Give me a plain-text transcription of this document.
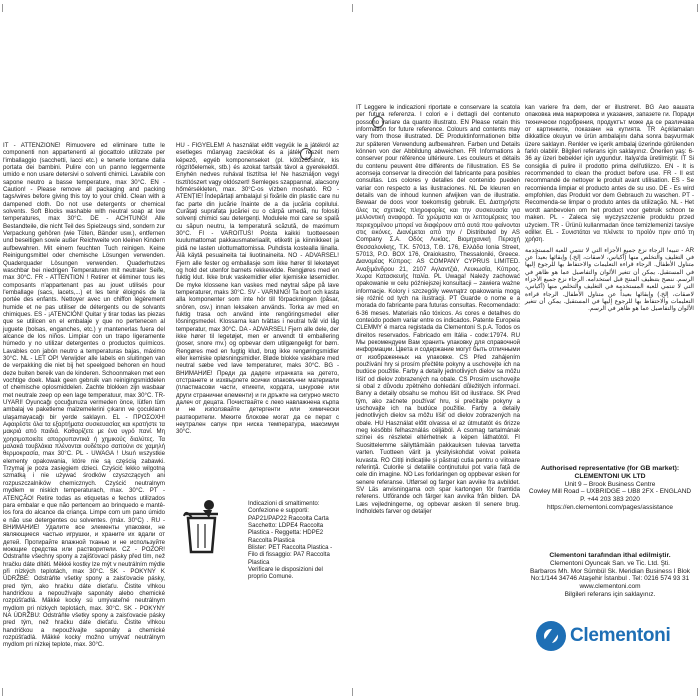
IT - ATTENZIONE! Rimuovere ed eliminare tutte le componenti non appartenenti al giocattolo utilizzate per l'imballaggio (sacchetti, lacci etc.) e tenerle lontane dalla portata dei bambini. Pulire con un panno leggermente umido e non usare detersivi o solventi chimici. Lavabile con sapone neutro a basse temperature, max 30°C. EN - Caution! - Please remove all packaging and packing tags/wires before giving this toy to your child. Clean with a dampened cloth. Do not use detergents or chemical solvents. Soft Blocks washable with neutral soap at low temperatures, max 30°C. DE - ACHTUNG! Alle Bestandteile, die nicht Teil des Spielzeugs sind, sondern zur Verpackung gehören (wie Tüten, Bänder usw.), entfernen und beseitigen sowie außer Reichweite von kleinen Kindern aufbewahren. Mit einem feuchten Tuch reinigen. Keine Reinigungsmittel oder chemische Lösungen verwenden. Quaderquader Lösungen verwenden. Quaderhutzes waschbar bei niedrigen Temperaturen mit neutraler Seife, max 30°C. FR - ATTENTION ! Retirer et éliminer tous les composants n'appartenant pas au jouet utilisés pour l'emballage (sacs, lacets,...) et les tenir éloignés de la portée des enfants. Nettoyer avec un chiffon légèrement humide et ne pas utiliser de détergents ou de solvants chimiques. ES - ¡ATENCIÓN! Quitar y tirar todas las piezas que se utilicen en el embalaje y que no pertenecen al juguete (bolsas, enganches, etc.) y mantenerlas fuera del alcance de los niños. Limpiar con un trapo ligeramente húmedo y no utilizar detergentes o productos químicos. Lavables con jabón neutro a temperaturas bajas, máximo 30°C. NL - LET OP! Verwijder alle labels en sluitingen van de verpakking die niet bij het speelgoed behoren en houd deze buiten bereik van de kinderen. Schoonmaken met een vochtige doek. Maak geen gebruik van reinigingsmiddelen of chemische oplosmiddelen. Zachte blokken zijn wasbaar met neutrale zeep op een lage temperatuur, max 30°C. TR-UYARI! Oyuncağı çocuğunuza vermeden önce, lütfen tüm ambalaj ve paketleme malzemelerini çıkarın ve çocukların ulaşamayacağı bir yerde saklayın. EL - ΠΡΟΣΟΧΗ! Αφαιρέστε όλα τα εξαρτήματα συσκευασίας και κρατήστε τα μακριά από παιδιά. Καθαρίζετε με ένα υγρό πανί. Μη χρησιμοποιείτε απορρυπαντικά ή χημικούς διαλύτες. Τα μαλακά τουβλάκια πλένονται ουδέτερο σαπούνι σε χαμηλή θερμοκρασία, max 30°C. PL - UWAGA ! Usuń wszystkie elementy opakowania, które nie są częścią zabawki. Trzymaj je poza zasięgiem dzieci. Czyścić lekko wilgotną szmatką i nie używać środków czyszczących ani rozpuszczalników chemicznych. Czyścić neutralnym mydłem w niskich temperaturach, max. 30°C. PT - ATENÇÃO! Retire todas as etiquetas e fechos utilizados para embalar e que não pertencem ao brinquedo e mantê-los fora do alcance da criança. Limpe com um pano úmido e não use detergentes ou solventes. (máx. 30°C) . RU - ВНИМАНИЕ! Удалите все элементы упаковки, не являющиеся частью игрушки, и храните их вдали от детей. Протирайте влажной тканью и не используйте моющие средства или растворители. CZ - POZOR! Odstraňte všechny spony a zajišťovací pásky před tím, než hračku dáte dítěti. Měkké kostky lze mýt v neutrálním mýdle při nízkých teplotách, max 30°C. SK - POKYNY K ÚDRŽBE: Odstráňte všetky spony a zaisťovacie pásky, pred tým, ako hračku dáte dieťaťu. Čistite vlhkou handričkou a nepoužívajte saponáty alebo chemické rozpúšťadlá. Mäkké kocky sú umývateľné neutrálnym mydlom pri nízkych teplotách, max. 30°C. SK - POKYNY NA ÚDRŽBU: Odstráňte všetky spony a zaisťovacie pásky pred tým, než hračku dáte dieťaťu. Čistite vlhkou handričkou a nepoužívajte saponáty a chemické rozpúšťadlá. Mäkké kocky možno umývať neutrálnym mydlom pri nízkej teplote, max. 30°C.
HU - FIGYELEM! A használat előtt vegyük le a játékról az esetleges műanyag zacskókat és a játék részét nem képező, egyéb komponenseket (pl. kötözőzsinór, kis rögzítőelemek, stb.) és azokat tartsák távol a gyerekektől. Enyhén nedves ruhával tisztítsa le! Ne használjon vegyi tisztítószert vagy oldószert! Semleges szappannal, alacsony hőmérsékleten, max. 30°C-os vízben mosható. RO - ATENȚIE! Îndepărtați ambalajul și fixările din plastic care nu fac parte din jucărie înainte de a da jucăria copilului. Curățați suprafața jucăriei cu o cârpă umedă, nu folosiți solvenți chimici sau detergenți. Modulele moi care se spală cu săpun neutru, la temperatură scăzută, de maximum 30°C. FI - VAROITUS! Poista kaikki tuotteeseen kuulumattomat pakkausmateriaalit, etiketit ja kiinnikkeet ja pidä ne lasten ulottumattomissa. Puhdista kostealla liinalla. Älä käytä pesuaineita tai liuotinaineita. NO - ADVARSEL! Fjern alle fester og emballasje som ikke hører til leketøyet og hold det utenfor barnets rekkevidde. Rengjøres med en fuktig klut. Ikke bruk vaskemidler eller kjemiske løsemidler. De myke klossene kan vaskes med nøytral såpe på lave temperaturer, maks 30°C. SV - VARNING! Ta bort och kasta alla komponenter som inte hör till förpackningen (påsar, snören, osv.) innan leksaken används. Torka av med en fuktig trasa och använd inte rengöringsmedel eller lösningsmedel. Klossarna kan tvättas i neutral tvål vid låg temperatur, max 30°C. DA - ADVARSEL! Fjern alle dele, der ikke hører til legetøjet, men er anvendt til emballering (poser, snore mv.) og opbevar dem utilgængeligt for børn. Rengøres med en fugtig klud, brug ikke rengøringsmidler eller kemiske opløsningsmidler. Bløde blokke vaskbare med neutral sæbe ved lave temperaturer, maks 30°C. BG - ВНИМАНИЕ! Преди да дадете играчката на детето, отстранете и изхвърлете всички опаковъчни материали (пластмасови части, етикети, кордата, шнурове или други странични елементи) и ги дръжте на сигурно място далеч от децата. Почиствайте с леко навлажнена кърпа и не използвайте детергенти или химически разтворители. Меките блокове могат да се перат с неутрален сапун при ниска температура, максимум 30°C.
Indicazioni di smaltimento:
Confezione e supporti: PAP21/PAP22 Raccolta Carta
Sacchetto: LDPE4 Raccolta Plastica - Reggetta: HDPE2 Raccolta Plastica
Blister: PET Raccolta Plastica - Filo di fissaggio: PA7 Raccolta Plastica
Verificare le disposizioni del proprio Comune.
IT Leggere le indicazioni riportate e conservare la scatola per futura referenza. I colori e i dettagli del contenuto possono variare da quanto illustrato. EN Please retain this information for future reference. Colours and contents may vary from those illustrated. DE Produktinformationen bitte zur späteren Verwendung aufbewahren. Farben und Details können von der Abbildung abweichen. FR Informations à conserver pour référence ultérieure. Les couleurs et détails du contenu peuvent être différents de l'illustration. ES Se aconseja conservar la dirección del fabricante para posibles consultas. Los colores y detalles del contenido pueden variar con respecto a las ilustraciones. NL De kleuren en details van de inhoud kunnen afwijken van de illustratie. Bewaar de doos voor toekomstig gebruik. EL Διατηρήστε όλες τις σχετικές πληροφορίες και την συσκευασία για μελλοντική αναφορά. Τα χρώματα και οι λεπτομέρειες του περιεχομένου μπορεί να διαφέρουν από αυτά που φαίνονται στις εικόνες. Διανέμεται από την / Distributed by AS Company Σ.Α. Οδός Λυκίας, Βιομηχανική Περιοχή Θεσσαλονίκης, T.K. 57013, T.Θ. 176, Ελλάδα Ionia Street, 57013, P.O. BOX 176, Oraiokastro, Thessaloniki, Greece. Διανομέας Κύπρος: AS COMPANY CYPRUS LIMITED. Αναξιμάνδρου 21, 2107 Αγλαντζιά, Λευκωσία, Κύπρος. Χωρα Κατασκευής Ιταλία. PL Uwaga! Należy zachować opakowanie w celu późniejszej konsultacji – zawiera ważne informacje. Kolory i szczegóły wewnątrz opakowania mogą się różnić od tych na ilustracji. PT Guarde o nome e a morada do fabricante para futuras consultas. Recomendado: 6-36 meses. Materiais não tóxicos. As cores e detalhes do conteúdo podem variar entre os indicados. Patente Europeia CLEMMY é marca registada da Clementoni S.p.A. Todos os direitos reservados. Fabricado em Itália - code:17974. RU Мы рекомендуем Вам хранить упаковку для справочной информации. Цвета и содержание могут быть отличными от изображенных на упаковке. CS Před zahájením používání hry si prosím přečtěte pokyny a uschovejte ich na budúce použitie. Farby a detaily jednotlivých dielov sa môžu líšiť od dielov zobrazených na obale. CS Prosím uschovejte si obal z důvodu zpětného dohledání důležitých informací. Barvy a detaily obsahu se mohou lišit od ilustrace. SK Pred tým, ako začnete používať hru, si prečítajte pokyny a uschovajte ich na budúce použitie. Farby a detaily jednotlivých dielov sa môžu líšiť od dielov zobrazených na obale. HU Használat előtt olvassa el az útmutatót és őrizze meg későbbi felhasználás céljából. A csomag tartalmának színei és részletei eltérhetnek a képen láthatótól. FI Suosittelemme säilyttämään pakkauksen tulevaa tarvetta varten. Tuotteen värit ja yksityiskohdat voivat poiketa kuvasta. RO Citiți indicațiile și păstrați cutia pentru o viitoare referință. Culorile și detaliile conținutului pot varia față de cele din imagine. NO Les forklaringen og oppbevar esken for senere referanse. Utførsel og farger kan avvike fra avbildet. SV Läs anvisningarna och spar kartongen för framtida referens. Utförande och färger kan avvika från bilden. DA Læs vejledningerne, og opbevar æsken til senere brug. Indholdets farver og detaljer
kan variere fra dem, der er illustreret. BG Ако вашата опаковка има маркировка и указания, запазете ги. Поради технически подобрения, продуктът може да се различава от картинките, показани на кутията. TR Açıklamaları dikkatlice okuyun ve ürün ambalajını daha sonra başvurmak üzere saklayın. Renkler ve içerik ambalaj üzerinde görülenden farklı olabilir. Bilgileri referans için saklayınız. Önerilen yaş: 6-36 ay üzeri bebekler için uygundur. Italya'da üretilmiştir. IT Si consiglia di pulire il prodotto prima dell'utilizzo. EN - It is recommended to clean the product before use. FR - Il est recommandé de nettoyer le produit avant utilisation. ES - Se recomienda limpiar el producto antes de su uso. DE - Es wird empfohlen, das Produkt vor dem Gebrauch zu waschen. PT - Recomenda-se limpar o produto antes da utilização. NL - Het wordt aanbevolen om het product voor gebruik schoon te maken. PL - Zaleca się wyczyszczenie produktu przed użyciem. TR - Ürünü kullanmadan önce temizlemenizi tavsiye ediller. EL - Συνιστάται να πλένετε το προϊόν πριν από τη χρήση.
AR - تنبيه! الرجاء نزع جميع الأجزاء التي لا تنتمي للعبة المستخدمة في التغليف والتخلص منها (أكياس، لاصقات، إلخ.) وإبقائها بعيداً عن متناول الأطفال. الرجاء قراءة التعليمات والاحتفاظ بها للرجوع إليها في المستقبل. يمكن أن تتغير الألوان والتفاصيل عما هو ظاهر في الرسم. ننصح بتنظيف المنتج قبل استخدامه. الرجاء نزع جميع الأجزاء التي لا تنتمي للعبة المستخدمة في التغليف والتخلص منها (أكياس، لاصقات، إلخ.) وإبقائها بعيداً عن متناول الأطفال. الرجاء قراءة التعليمات والاحتفاظ بها للرجوع إليها في المستقبل. يمكن أن تتغير الألوان والتفاصيل عما هو ظاهر في الرسم.
Authorised representative (for GB market):
CLEMENTONI UK LTD
Unit 9 – Brook Business Centre
Cowley Mill Road – UXBRIDGE – UB8 2FX - ENGLAND
P. +44 203 383 2020
https://en.clementoni.com/pages/assistance
Clementoni tarafından ithal edilmiştir.
Clementoni Oyuncak San. ve Tic. Ltd. Şti.
Barbaros Mh. Mor Sümbül Sk. Meridian Business I Blok
No:1/144 34746 Ataşehir İstanbul . Tel: 0216 574 93 31
www.clementoni.com
Bilgileri referans için saklayınız.
Clementoni
